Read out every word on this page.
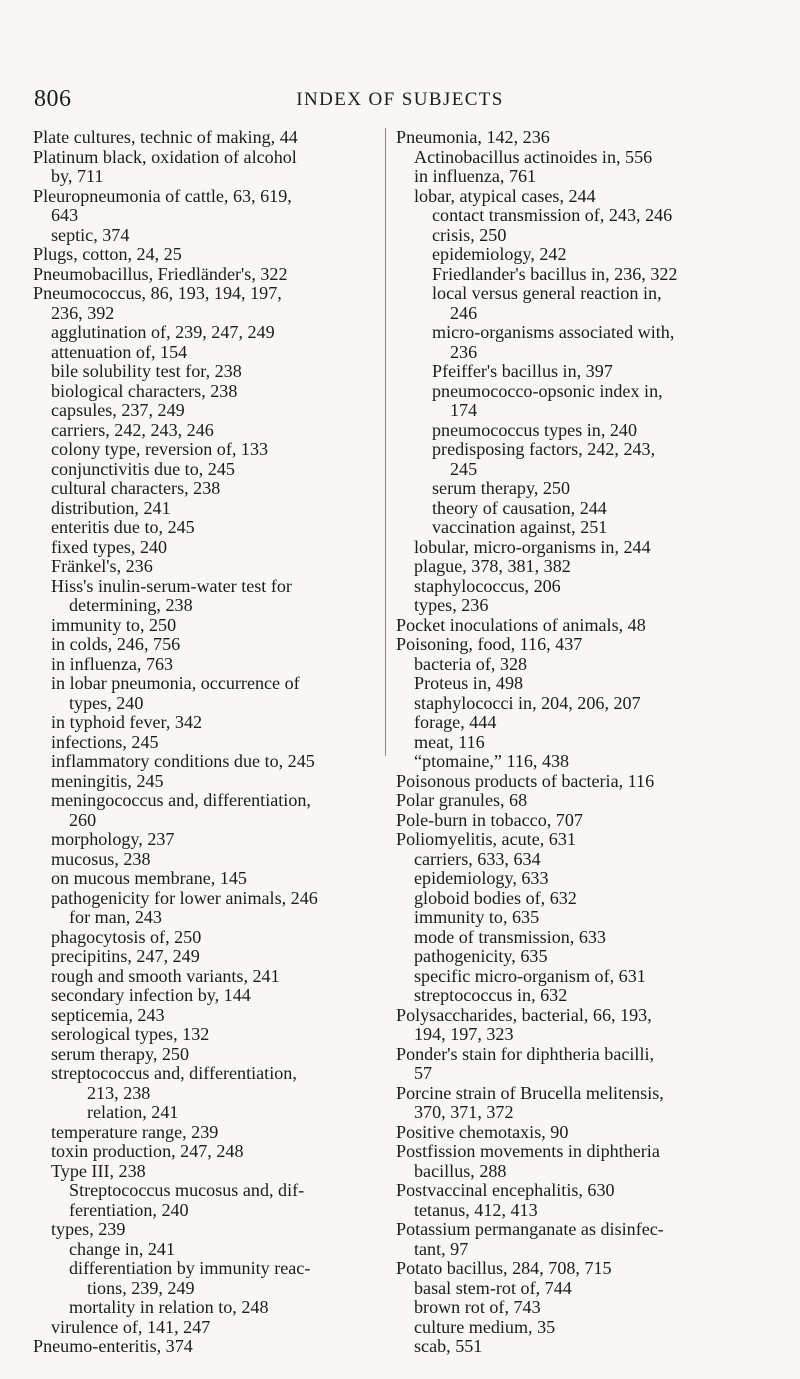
806	INDEX OF SUBJECTS

Plate cultures, technic of making, 44

Platinum black, oxidation of alcohol

by, 711

Pleuropneumonia of cattle, 63, 619,

643

septic, 374

Plugs, cotton, 24, 25

Pneumobacillus, Friedländer's, 322

Pneumococcus, 86, 193, 194, 197,

236, 392

agglutination of, 239, 247, 249

attenuation of, 154

bile solubility test for, 238

biological characters, 238

capsules, 237, 249

carriers, 242, 243, 246

colony type, reversion of, 133

conjunctivitis due to, 245

cultural characters, 238

distribution, 241

enteritis due to, 245

fixed types, 240

Fränkel's, 236

Hiss's inulin-serum-water test for

determining, 238

immunity to, 250

in colds, 246, 756

in influenza, 763

in lobar pneumonia, occurrence of

types, 240

in typhoid fever, 342

infections, 245

inflammatory conditions due to, 245

meningitis, 245

meningococcus and, differentiation,

260

morphology, 237

mucosus, 238

on mucous membrane, 145

pathogenicity for lower animals, 246

for man, 243

phagocytosis of, 250

precipitins, 247, 249

rough and smooth variants, 241

secondary infection by, 144

septicemia, 243

serological types, 132

serum therapy, 250

streptococcus and, differentiation,

213, 238

relation, 241

temperature range, 239

toxin production, 247, 248

Type III, 238

Streptococcus mucosus and, dif-

ferentiation, 240

types, 239

change in, 241

differentiation by immunity reac-

tions, 239, 249

mortality in relation to, 248

virulence of, 141, 247

Pneumo-enteritis, 374

Pneumonia, 142, 236

Actinobacillus actinoides in, 556

in influenza, 761

lobar, atypical cases, 244

contact transmission of, 243, 246

crisis, 250

epidemiology, 242

Friedlander's bacillus in, 236, 322

local versus general reaction in,

246

micro-organisms associated with,

236

Pfeiffer's bacillus in, 397

pneumococco-opsonic index in,

174

pneumococcus types in, 240

predisposing factors, 242, 243,

245

serum therapy, 250

theory of causation, 244

vaccination against, 251

lobular, micro-organisms in, 244

plague, 378, 381, 382

staphylococcus, 206

types, 236

Pocket inoculations of animals, 48

Poisoning, food, 116, 437

bacteria of, 328

Proteus in, 498

staphylococci in, 204, 206, 207

forage, 444

meat, 116

“ptomaine,” 116, 438

Poisonous products of bacteria, 116

Polar granules, 68

Pole-burn in tobacco, 707

Poliomyelitis, acute, 631

carriers, 633, 634

epidemiology, 633

globoid bodies of, 632

immunity to, 635

mode of transmission, 633

pathogenicity, 635

specific micro-organism of, 631

streptococcus in, 632

Polysaccharides, bacterial, 66, 193,

194, 197, 323

Ponder's stain for diphtheria bacilli,

57

Porcine strain of Brucella melitensis,

370, 371, 372

Positive chemotaxis, 90

Postfission movements in diphtheria

bacillus, 288

Postvaccinal encephalitis, 630

tetanus, 412, 413

Potassium permanganate as disinfec-

tant, 97

Potato bacillus, 284, 708, 715

basal stem-rot of, 744

brown rot of, 743

culture medium, 35

scab, 551
